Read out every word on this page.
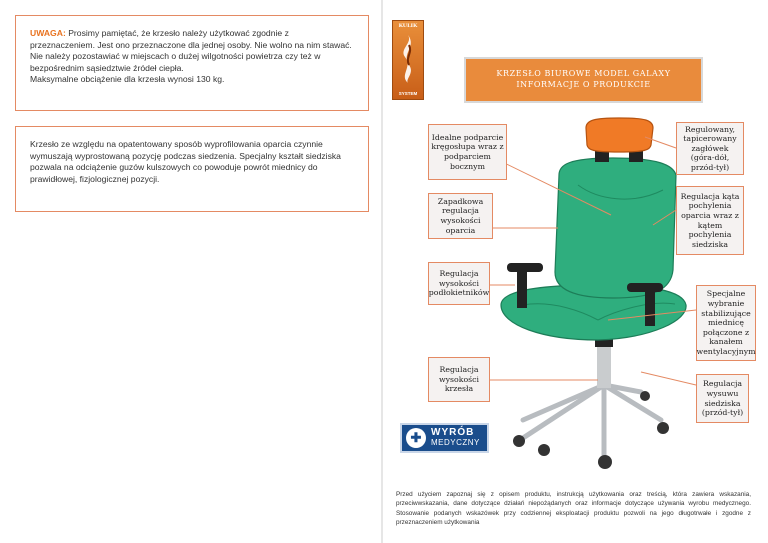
UWAGA: Prosimy pamiętać, że krzesło należy użytkować zgodnie z przeznaczeniem. Jest ono przeznaczone dla jednej osoby. Nie wolno na nim stawać. Nie należy pozostawiać w miejscach o dużej wilgotności powietrza czy też w bezpośrednim sąsiedztwie źródeł ciepła.
Maksymalne obciążenie dla krzesła wynosi 130 kg.
Krzesło ze względu na opatentowany sposób wyprofilowania oparcia czynnie wymuszają wyprostowaną pozycję podczas siedzenia. Specjalny kształt siedziska pozwala na odciążenie guzów kulszowych co powoduje powrót miednicy do prawidłowej, fizjologicznej pozycji.
KULIK
SYSTEM
KRZESŁO BIUROWE MODEL GALAXY
INFORMACJE O PRODUKCIE
Idealne podparcie kręgosłupa wraz z podparciem bocznym
Zapadkowa regulacja wysokości oparcia
Regulacja wysokości podłokietników
Regulacja wysokości krzesła
Regulowany, tapicerowany zagłówek (góra-dół, przód-tył)
Regulacja kąta pochylenia oparcia wraz z kątem pochylenia siedziska
Specjalne wybranie stabilizujące miednicę połączone z kanałem wentylacyjnym
Regulacja wysuwu siedziska (przód-tył)
✚ WYRÓB
MEDYCZNY
Przed użyciem zapoznaj się z opisem produktu, instrukcją użytkowania oraz treścią, która zawiera wskazania, przeciwwskazania, dane dotyczące działań niepożądanych oraz informacje dotyczące używania wyrobu medycznego. Stosowanie podanych wskazówek przy codziennej eksploatacji produktu pozwoli na jego długotrwałe i zgodne z przeznaczeniem użytkowania
